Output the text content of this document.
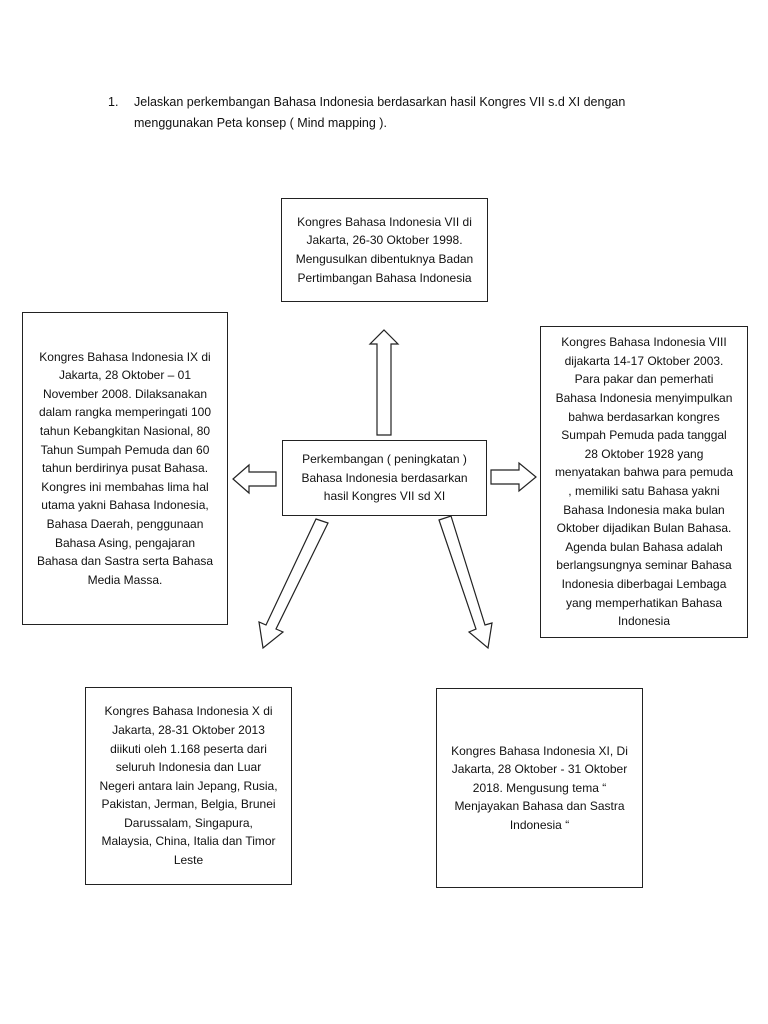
1.	Jelaskan perkembangan Bahasa Indonesia berdasarkan hasil Kongres VII s.d XI dengan menggunakan Peta konsep ( Mind mapping ).
Kongres Bahasa Indonesia VII di Jakarta, 26-30 Oktober 1998. Mengusulkan dibentuknya Badan Pertimbangan Bahasa Indonesia
Kongres Bahasa Indonesia IX di Jakarta, 28 Oktober – 01 November 2008. Dilaksanakan dalam rangka memperingati 100 tahun Kebangkitan Nasional, 80 Tahun Sumpah Pemuda dan 60 tahun berdirinya pusat Bahasa. Kongres ini membahas lima hal utama yakni Bahasa Indonesia, Bahasa Daerah, penggunaan Bahasa Asing, pengajaran Bahasa dan Sastra serta Bahasa Media Massa.
Perkembangan ( peningkatan ) Bahasa Indonesia berdasarkan hasil Kongres VII sd XI
Kongres Bahasa Indonesia VIII dijakarta 14-17 Oktober 2003. Para pakar dan pemerhati Bahasa Indonesia menyimpulkan bahwa berdasarkan kongres Sumpah Pemuda pada tanggal 28 Oktober 1928 yang menyatakan bahwa para pemuda , memiliki satu Bahasa yakni Bahasa Indonesia maka bulan Oktober dijadikan Bulan Bahasa. Agenda bulan Bahasa adalah berlangsungnya seminar Bahasa Indonesia diberbagai Lembaga yang memperhatikan Bahasa Indonesia
Kongres Bahasa Indonesia X di Jakarta, 28-31 Oktober 2013 diikuti oleh 1.168 peserta dari seluruh Indonesia dan Luar Negeri antara lain Jepang, Rusia, Pakistan, Jerman, Belgia, Brunei Darussalam, Singapura, Malaysia, China, Italia dan Timor Leste
Kongres Bahasa Indonesia XI, Di Jakarta, 28 Oktober - 31 Oktober 2018. Mengusung tema “ Menjayakan Bahasa dan Sastra Indonesia “
